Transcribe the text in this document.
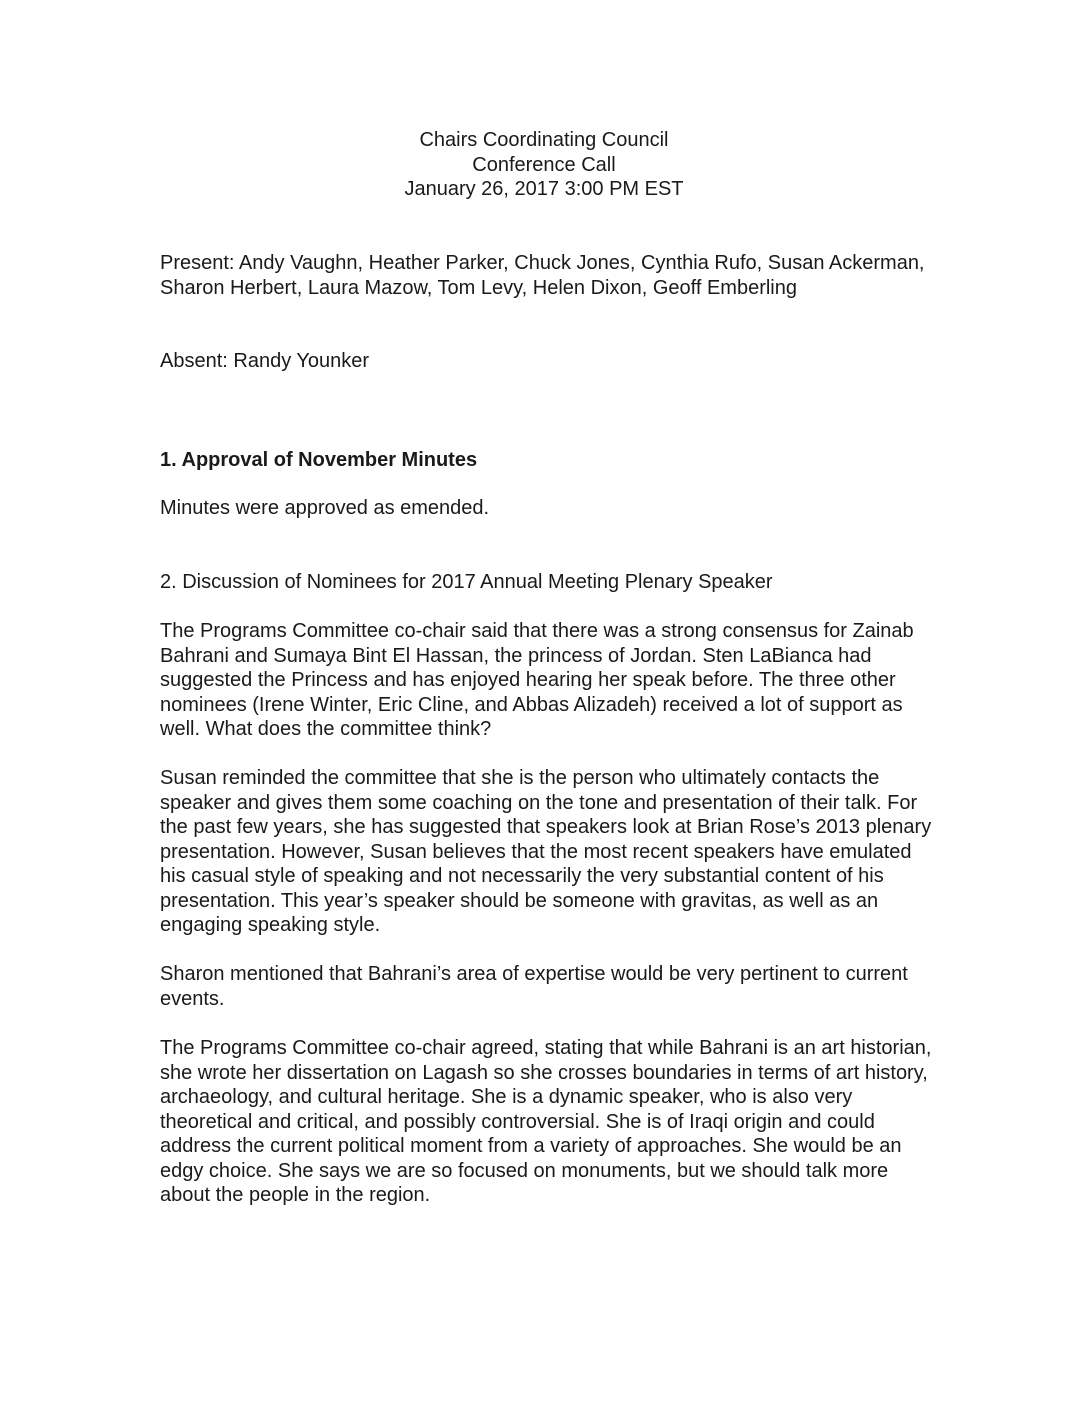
Chairs Coordinating Council
Conference Call
January 26, 2017 3:00 PM EST

Present: Andy Vaughn, Heather Parker, Chuck Jones, Cynthia Rufo, Susan Ackerman, Sharon Herbert, Laura Mazow, Tom Levy, Helen Dixon, Geoff Emberling

Absent: Randy Younker

1. Approval of November Minutes

Minutes were approved as emended.

2. Discussion of Nominees for 2017 Annual Meeting Plenary Speaker

The Programs Committee co-chair said that there was a strong consensus for Zainab Bahrani and Sumaya Bint El Hassan, the princess of Jordan. Sten LaBianca had suggested the Princess and has enjoyed hearing her speak before. The three other nominees (Irene Winter, Eric Cline, and Abbas Alizadeh) received a lot of support as well. What does the committee think?

Susan reminded the committee that she is the person who ultimately contacts the speaker and gives them some coaching on the tone and presentation of their talk. For the past few years, she has suggested that speakers look at Brian Rose’s 2013 plenary presentation. However, Susan believes that the most recent speakers have emulated his casual style of speaking and not necessarily the very substantial content of his presentation. This year’s speaker should be someone with gravitas, as well as an engaging speaking style.

Sharon mentioned that Bahrani’s area of expertise would be very pertinent to current events.

The Programs Committee co-chair agreed, stating that while Bahrani is an art historian, she wrote her dissertation on Lagash so she crosses boundaries in terms of art history, archaeology, and cultural heritage. She is a dynamic speaker, who is also very theoretical and critical, and possibly controversial. She is of Iraqi origin and could address the current political moment from a variety of approaches. She would be an edgy choice. She says we are so focused on monuments, but we should talk more about the people in the region.
